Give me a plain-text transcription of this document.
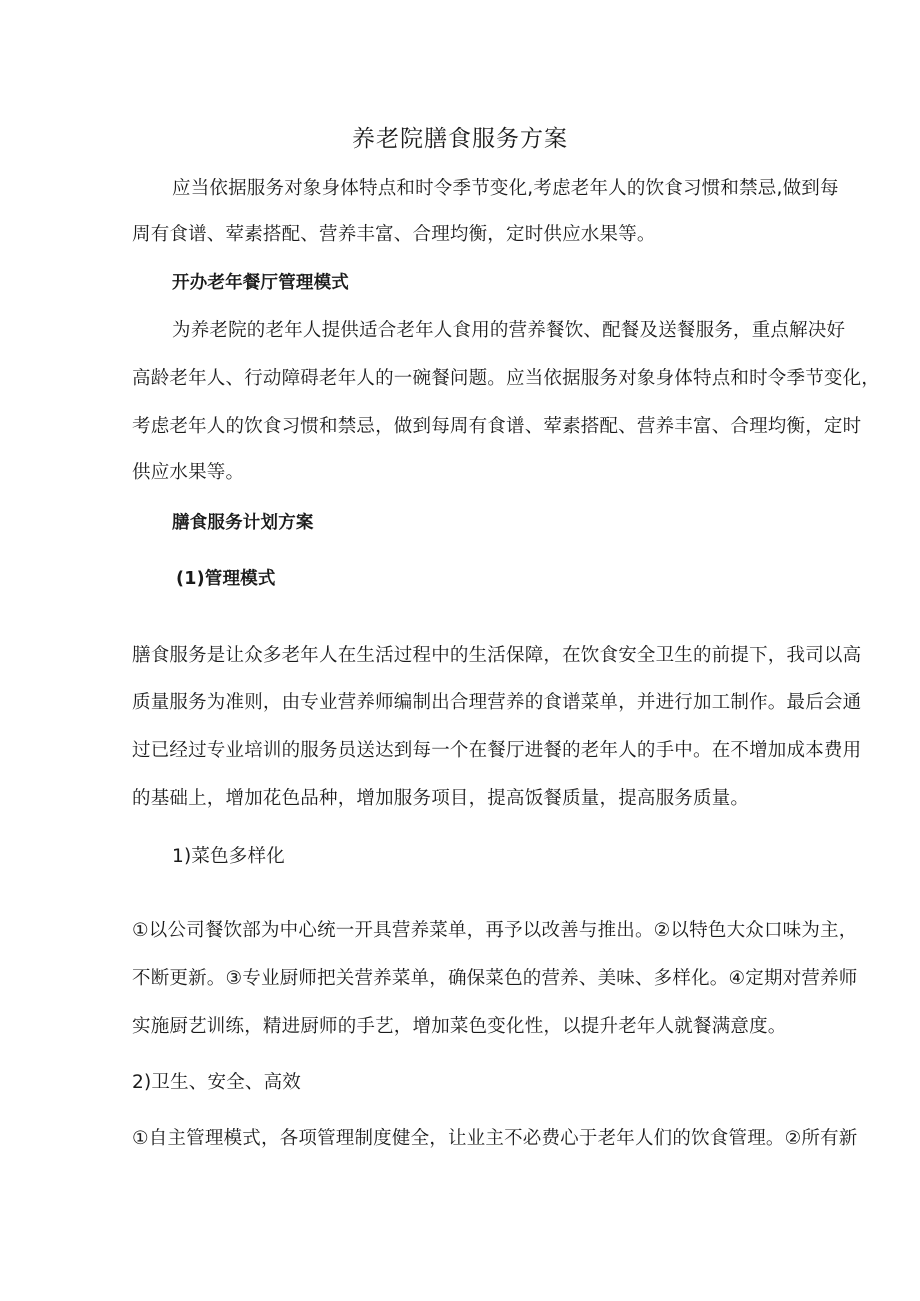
养老院膳食服务方案
应当依据服务对象身体特点和时令季节变化,考虑老年人的饮食习惯和禁忌,做到每
周有食谱、荤素搭配、营养丰富、合理均衡，定时供应水果等。
开办老年餐厅管理模式
为养老院的老年人提供适合老年人食用的营养餐饮、配餐及送餐服务，重点解决好
高龄老年人、行动障碍老年人的一碗餐问题。应当依据服务对象身体特点和时令季节变化，
考虑老年人的饮食习惯和禁忌，做到每周有食谱、荤素搭配、营养丰富、合理均衡，定时
供应水果等。
膳食服务计划方案
(1)管理模式
膳食服务是让众多老年人在生活过程中的生活保障，在饮食安全卫生的前提下，我司以高
质量服务为准则，由专业营养师编制出合理营养的食谱菜单，并进行加工制作。最后会通
过已经过专业培训的服务员送达到每一个在餐厅进餐的老年人的手中。在不增加成本费用
的基础上，增加花色品种，增加服务项目，提高饭餐质量，提高服务质量。
1)菜色多样化
①以公司餐饮部为中心统一开具营养菜单，再予以改善与推出。②以特色大众口味为主，
不断更新。③专业厨师把关营养菜单，确保菜色的营养、美味、多样化。④定期对营养师
实施厨艺训练，精进厨师的手艺，增加菜色变化性，以提升老年人就餐满意度。
2)卫生、安全、高效
①自主管理模式，各项管理制度健全，让业主不必费心于老年人们的饮食管理。②所有新
